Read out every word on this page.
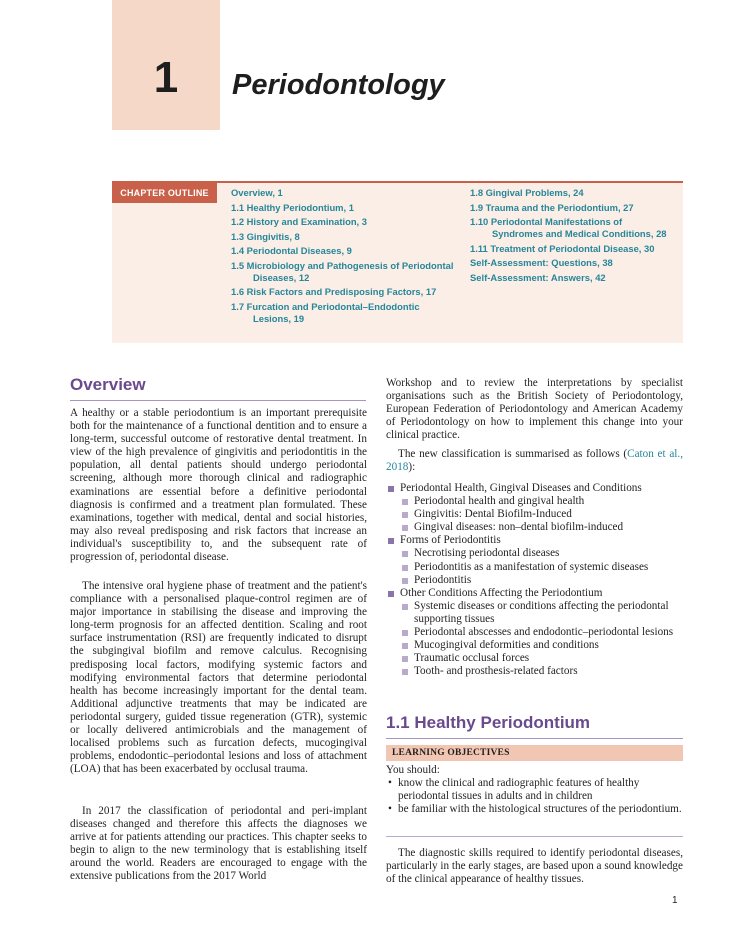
1	Periodontology
CHAPTER OUTLINE	Overview, 1
1.1 Healthy Periodontium, 1
1.2 History and Examination, 3
1.3 Gingivitis, 8
1.4 Periodontal Diseases, 9
1.5 Microbiology and Pathogenesis of Periodontal Diseases, 12
1.6 Risk Factors and Predisposing Factors, 17
1.7 Furcation and Periodontal–Endodontic Lesions, 19
1.8 Gingival Problems, 24
1.9 Trauma and the Periodontium, 27
1.10 Periodontal Manifestations of Syndromes and Medical Conditions, 28
1.11 Treatment of Periodontal Disease, 30
Self‑Assessment: Questions, 38
Self‑Assessment: Answers, 42
Overview

A healthy or a stable periodontium is an important prerequisite both for the maintenance of a functional dentition and to ensure a long‑term, successful outcome of restorative dental treatment. In view of the high prevalence of gingivitis and periodontitis in the population, all dental patients should undergo periodontal screening, although more thorough clinical and radiographic examinations are essential before a definitive periodontal diagnosis is confirmed and a treatment plan formulated. These examinations, together with medical, dental and social histories, may also reveal predisposing and risk factors that increase an individual's susceptibility to, and the subsequent rate of progression of, periodontal disease.

The intensive oral hygiene phase of treatment and the patient's compliance with a personalised plaque‑control regimen are of major importance in stabilising the disease and improving the long‑term prognosis for an affected dentition. Scaling and root surface instrumentation (RSI) are frequently indicated to disrupt the subgingival biofilm and remove calculus. Recognising predisposing local factors, modifying systemic factors and modifying environmental factors that determine periodontal health has become increasingly important for the dental team. Additional adjunctive treatments that may be indicated are periodontal surgery, guided tissue regeneration (GTR), systemic or locally delivered antimicrobials and the management of localised problems such as furcation defects, mucogingival problems, endodontic–periodontal lesions and loss of attachment (LOA) that has been exacerbated by occlusal trauma.

In 2017 the classification of periodontal and peri‑implant diseases changed and therefore this affects the diagnoses we arrive at for patients attending our practices. This chapter seeks to begin to align to the new terminology that is establishing itself around the world. Readers are encouraged to engage with the extensive publications from the 2017 World

Workshop and to review the interpretations by specialist organisations such as the British Society of Periodontology, European Federation of Periodontology and American Academy of Periodontology on how to implement this change into your clinical practice.

The new classification is summarised as follows (Caton et al., 2018):

Periodontal Health, Gingival Diseases and Conditions
Periodontal health and gingival health
Gingivitis: Dental Biofilm‑Induced
Gingival diseases: non–dental biofilm‑induced
Forms of Periodontitis
Necrotising periodontal diseases
Periodontitis as a manifestation of systemic diseases
Periodontitis
Other Conditions Affecting the Periodontium
Systemic diseases or conditions affecting the periodontal supporting tissues
Periodontal abscesses and endodontic–periodontal lesions
Mucogingival deformities and conditions
Traumatic occlusal forces
Tooth‑ and prosthesis‑related factors
1.1 Healthy Periodontium
LEARNING OBJECTIVES

You should:

• know the clinical and radiographic features of healthy periodontal tissues in adults and in children
• be familiar with the histological structures of the periodontium.

The diagnostic skills required to identify periodontal diseases, particularly in the early stages, are based upon a sound knowledge of the clinical appearance of healthy tissues.

1
